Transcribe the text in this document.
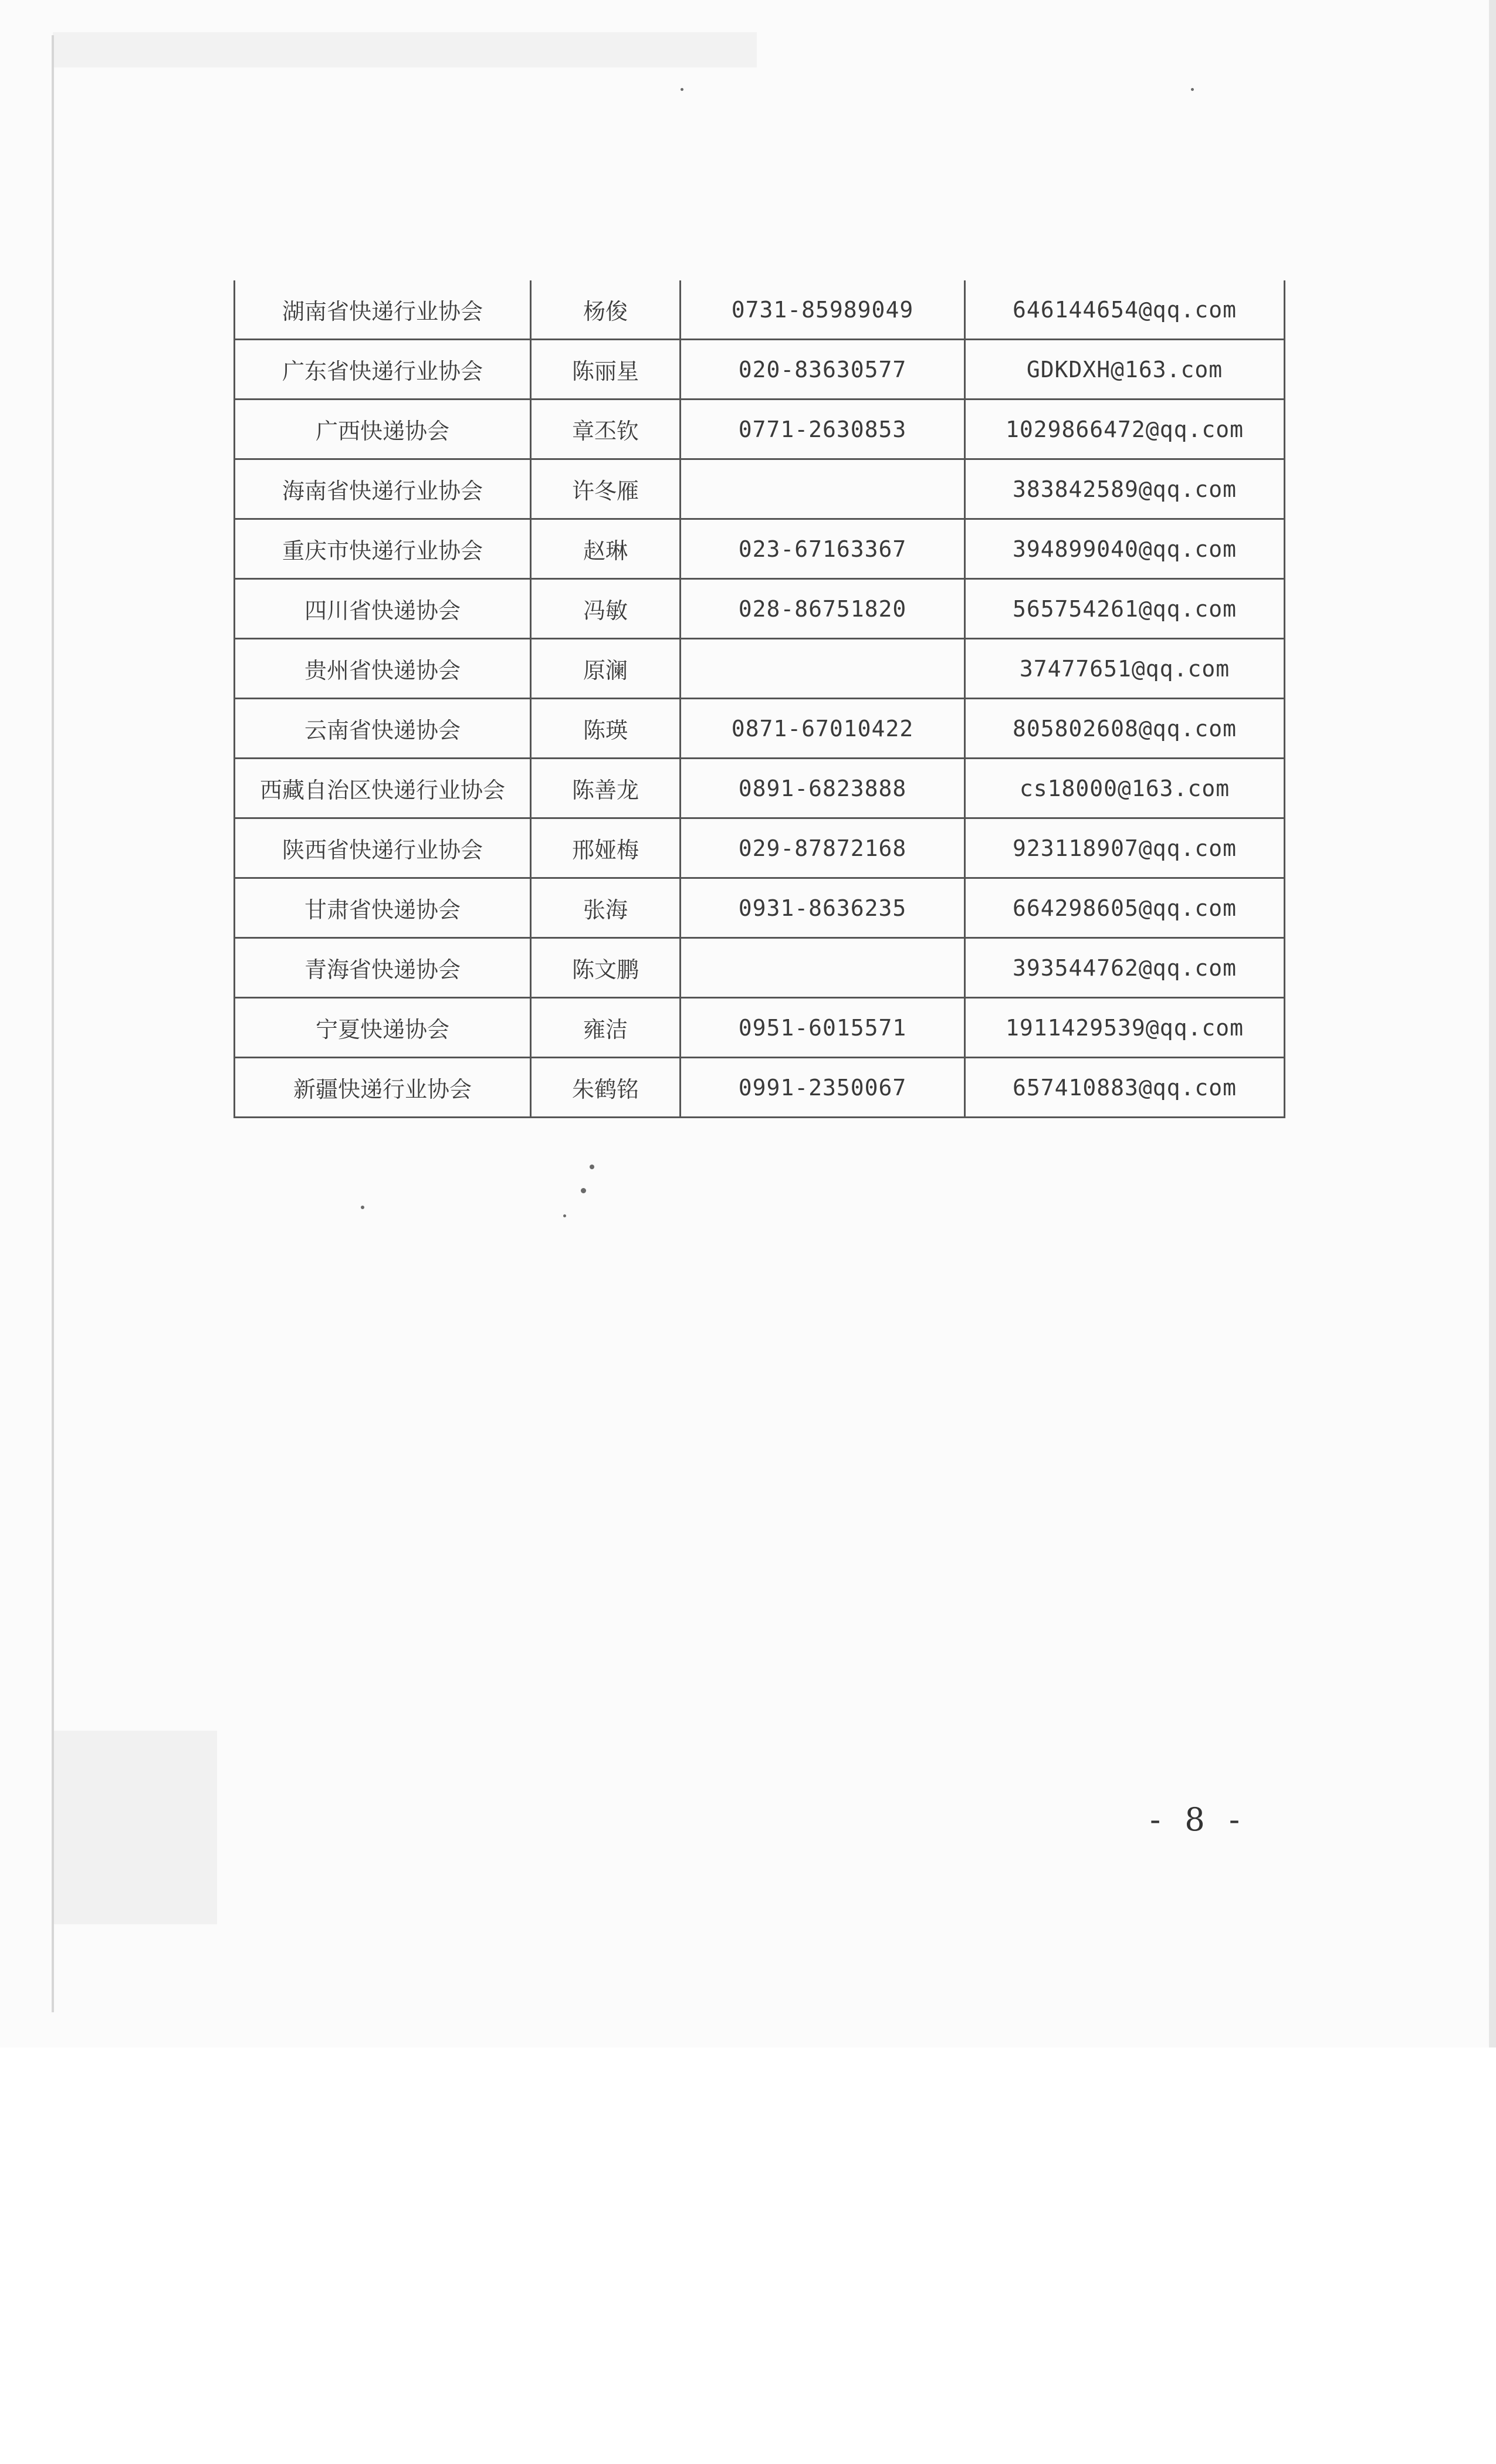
湖南省快递行业协会	杨俊	0731-85989049	646144654@qq.com
广东省快递行业协会	陈丽星	020-83630577	GDKDXH@163.com
广西快递协会	章丕钦	0771-2630853	1029866472@qq.com
海南省快递行业协会	许冬雁		383842589@qq.com
重庆市快递行业协会	赵琳	023-67163367	394899040@qq.com
四川省快递协会	冯敏	028-86751820	565754261@qq.com
贵州省快递协会	原澜		37477651@qq.com
云南省快递协会	陈瑛	0871-67010422	805802608@qq.com
西藏自治区快递行业协会	陈善龙	0891-6823888	cs18000@163.com
陕西省快递行业协会	邢娅梅	029-87872168	923118907@qq.com
甘肃省快递协会	张海	0931-8636235	664298605@qq.com
青海省快递协会	陈文鹏		393544762@qq.com
宁夏快递协会	雍洁	0951-6015571	1911429539@qq.com
新疆快递行业协会	朱鹤铭	0991-2350067	657410883@qq.com
- 8 -
